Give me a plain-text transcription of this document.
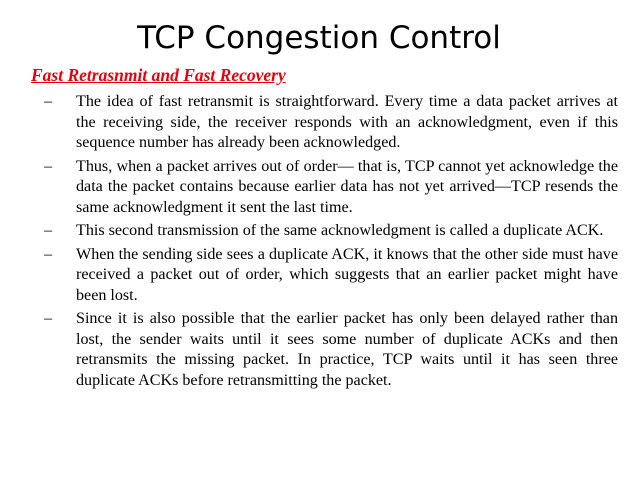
TCP Congestion Control
Fast Retrasnmit and Fast Recovery
–	The idea of fast retransmit is straightforward. Every time a data packet arrives at the receiving side, the receiver responds with an acknowledgment, even if this sequence number has already been acknowledged.
–	Thus, when a packet arrives out of order— that is, TCP cannot yet acknowledge the data the packet contains because earlier data has not yet arrived—TCP resends the same acknowledgment it sent the last time.
–	This second transmission of the same acknowledgment is called a duplicate ACK.
–	When the sending side sees a duplicate ACK, it knows that the other side must have received a packet out of order, which suggests that an earlier packet might have been lost.
–	Since it is also possible that the earlier packet has only been delayed rather than lost, the sender waits until it sees some number of duplicate ACKs and then retransmits the missing packet. In practice, TCP waits until it has seen three duplicate ACKs before retransmitting the packet.
